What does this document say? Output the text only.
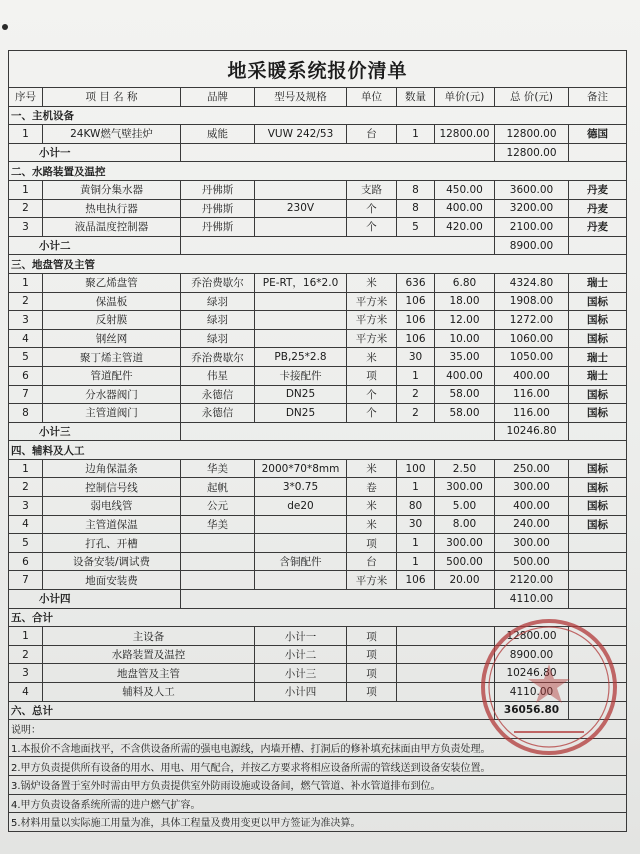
地采暖系统报价清单								
序号	项 目 名 称	品牌	型号及规格	单位	数量	单价(元)	总 价(元)	备注
一、主机设备								
1	24KW燃气壁挂炉	威能	VUW 242/53	台	1	12800.00	12800.00	德国
小计一							12800.00	
二、水路装置及温控								
1	黄铜分集水器	丹佛斯		支路	8	450.00	3600.00	丹麦
2	热电执行器	丹佛斯	230V	个	8	400.00	3200.00	丹麦
3	液晶温度控制器	丹佛斯		个	5	420.00	2100.00	丹麦
小计二							8900.00	
三、地盘管及主管								
1	聚乙烯盘管	乔治费歇尔	PE-RT，16*2.0	米	636	6.80	4324.80	瑞士
2	保温板	绿羽		平方米	106	18.00	1908.00	国标
3	反射膜	绿羽		平方米	106	12.00	1272.00	国标
4	钢丝网	绿羽		平方米	106	10.00	1060.00	国标
5	聚丁烯主管道	乔治费歇尔	PB,25*2.8	米	30	35.00	1050.00	瑞士
6	管道配件	伟星	卡接配件	项	1	400.00	400.00	瑞士
7	分水器阀门	永德信	DN25	个	2	58.00	116.00	国标
8	主管道阀门	永德信	DN25	个	2	58.00	116.00	国标
小计三							10246.80	
四、辅料及人工								
1	边角保温条	华美	2000*70*8mm	米	100	2.50	250.00	国标
2	控制信号线	起帆	3*0.75	卷	1	300.00	300.00	国标
3	弱电线管	公元	de20	米	80	5.00	400.00	国标
4	主管道保温	华美		米	30	8.00	240.00	国标
5	打孔、开槽			项	1	300.00	300.00	
6	设备安装/调试费		含铜配件	台	1	500.00	500.00	
7	地面安装费			平方米	106	20.00	2120.00	
小计四							4110.00	
五、合计								
1	主设备		小计一	项			12800.00	
2	水路装置及温控		小计二	项			8900.00	
3	地盘管及主管		小计三	项			10246.80	
4	辅料及人工		小计四	项			4110.00	
六、总计							36056.80	
说明：								
1.本报价不含地面找平，不含供设备所需的强电电源线，内墙开槽、打洞后的修补填充抹面由甲方负责处理。								
2.甲方负责提供所有设备的用水、用电、用气配合，并按乙方要求将相应设备所需的管线送到设备安装位置。								
3.锅炉设备置于室外时需由甲方负责提供室外防雨设施或设备间，燃气管道、补水管道排布到位。								
4.甲方负责设备系统所需的进户燃气扩容。								
5.材料用量以实际施工用量为准，具体工程量及费用变更以甲方签证为准决算。								
